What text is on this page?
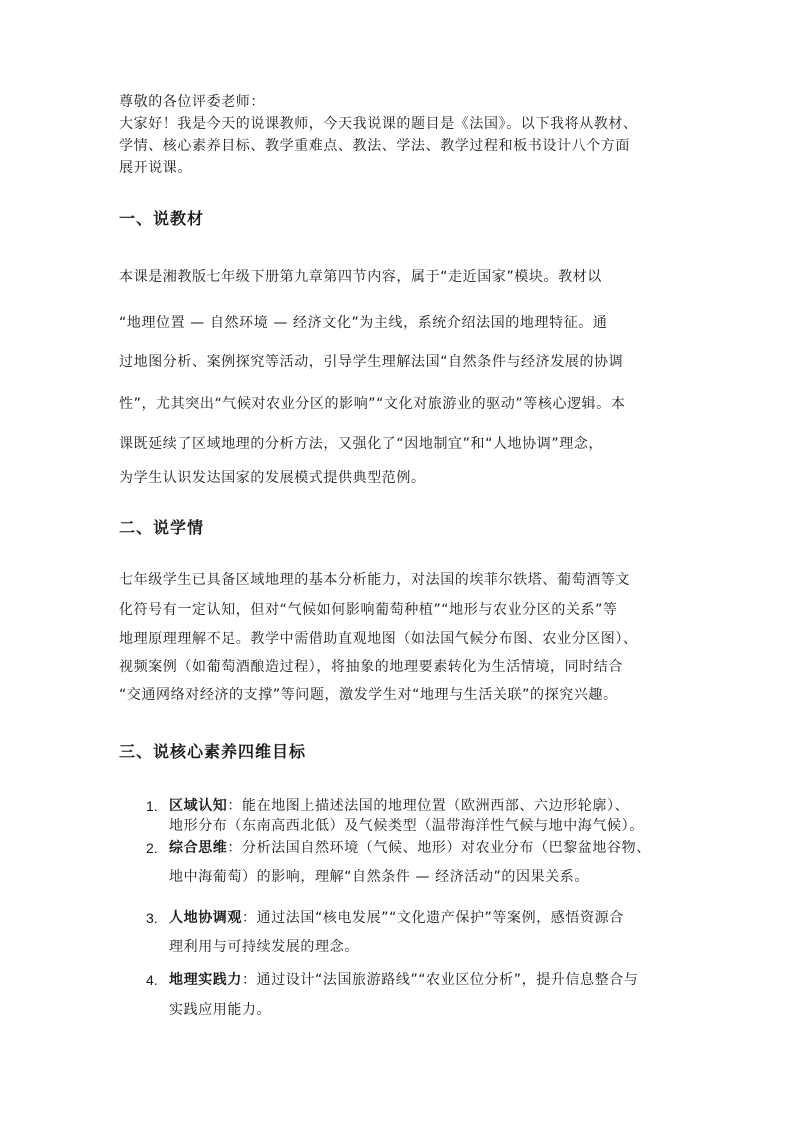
尊敬的各位评委老师：
大家好！我是今天的说课教师，今天我说课的题目是《法国》。以下我将从教材、
学情、核心素养目标、教学重难点、教法、学法、教学过程和板书设计八个方面
展开说课。
一、说教材
本课是湘教版七年级下册第九章第四节内容，属于“走近国家”模块。教材以
“地理位置 — 自然环境 — 经济文化”为主线，系统介绍法国的地理特征。通
过地图分析、案例探究等活动，引导学生理解法国“自然条件与经济发展的协调
性”，尤其突出“气候对农业分区的影响”“文化对旅游业的驱动”等核心逻辑。本
课既延续了区域地理的分析方法，又强化了“因地制宜”和“人地协调”理念，
为学生认识发达国家的发展模式提供典型范例。
二、说学情
七年级学生已具备区域地理的基本分析能力，对法国的埃菲尔铁塔、葡萄酒等文
化符号有一定认知，但对“气候如何影响葡萄种植”“地形与农业分区的关系”等
地理原理理解不足。教学中需借助直观地图（如法国气候分布图、农业分区图）、
视频案例（如葡萄酒酿造过程），将抽象的地理要素转化为生活情境，同时结合
“交通网络对经济的支撑”等问题，激发学生对“地理与生活关联”的探究兴趣。
三、说核心素养四维目标
1. 区域认知：能在地图上描述法国的地理位置（欧洲西部、六边形轮廓）、
地形分布（东南高西北低）及气候类型（温带海洋性气候与地中海气候）。
2. 综合思维：分析法国自然环境（气候、地形）对农业分布（巴黎盆地谷物、
地中海葡萄）的影响，理解“自然条件 — 经济活动”的因果关系。
3. 人地协调观：通过法国“核电发展”“文化遗产保护”等案例，感悟资源合
理利用与可持续发展的理念。
4. 地理实践力：通过设计“法国旅游路线”“农业区位分析”，提升信息整合与
实践应用能力。
